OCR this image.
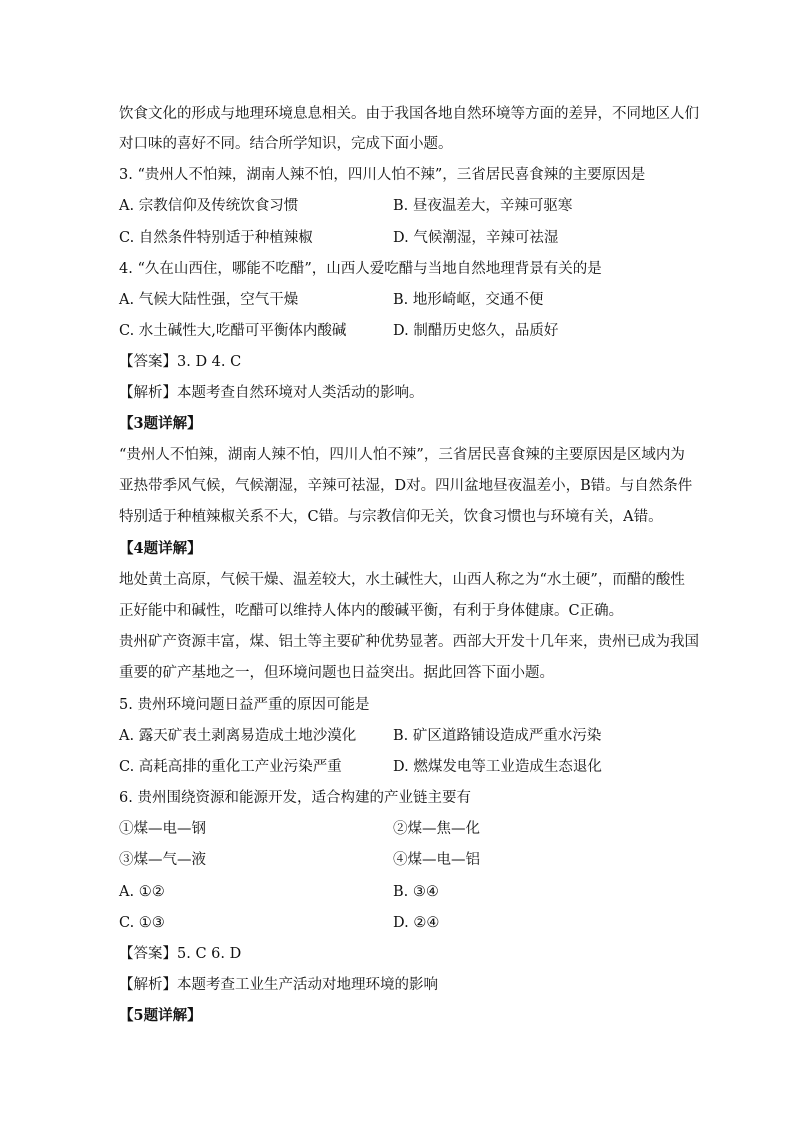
饮食文化的形成与地理环境息息相关。由于我国各地自然环境等方面的差异，不同地区人们
对口味的喜好不同。结合所学知识，完成下面小题。
3. “贵州人不怕辣，湖南人辣不怕，四川人怕不辣”，三省居民喜食辣的主要原因是
A. 宗教信仰及传统饮食习惯	B. 昼夜温差大，辛辣可驱寒
C. 自然条件特别适于种植辣椒	D. 气候潮湿，辛辣可祛湿
4. “久在山西住，哪能不吃醋”，山西人爱吃醋与当地自然地理背景有关的是
A. 气候大陆性强，空气干燥	B. 地形崎岖，交通不便
C. 水土碱性大,吃醋可平衡体内酸碱	D. 制醋历史悠久，品质好
【答案】3. D 4. C
【解析】本题考查自然环境对人类活动的影响。
【3题详解】
“贵州人不怕辣，湖南人辣不怕，四川人怕不辣”，三省居民喜食辣的主要原因是区域内为
亚热带季风气候，气候潮湿，辛辣可祛湿，D对。四川盆地昼夜温差小，B错。与自然条件
特别适于种植辣椒关系不大，C错。与宗教信仰无关，饮食习惯也与环境有关，A错。
【4题详解】
地处黄土高原，气候干燥、温差较大，水土碱性大，山西人称之为“水土硬”，而醋的酸性
正好能中和碱性，吃醋可以维持人体内的酸碱平衡，有利于身体健康。C正确。
贵州矿产资源丰富，煤、铝土等主要矿种优势显著。西部大开发十几年来，贵州已成为我国
重要的矿产基地之一，但环境问题也日益突出。据此回答下面小题。
5. 贵州环境问题日益严重的原因可能是
A. 露天矿表土剥离易造成土地沙漠化	B. 矿区道路铺设造成严重水污染
C. 高耗高排的重化工产业污染严重	D. 燃煤发电等工业造成生态退化
6. 贵州围绕资源和能源开发，适合构建的产业链主要有
①煤—电—钢	②煤—焦—化
③煤—气—液	④煤—电—铝
A. ①②	B. ③④
C. ①③	D. ②④
【答案】5. C 6. D
【解析】本题考查工业生产活动对地理环境的影响
【5题详解】
